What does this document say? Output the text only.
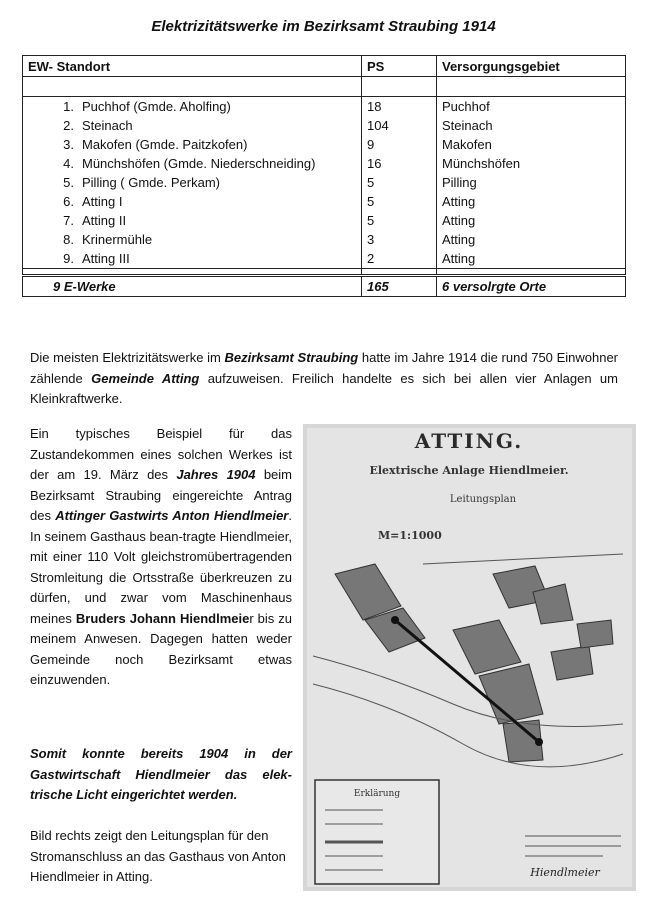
Elektrizitätswerke im Bezirksamt Straubing 1914
EW- Standort	PS	Versorgungsgebiet

1. Puchhof (Gmde. Aholfing)	18	Puchhof
2. Steinach	104	Steinach
3. Makofen (Gmde. Paitzkofen)	9	Makofen
4. Münchshöfen (Gmde. Niederschneiding)	16	Münchshöfen
5. Pilling ( Gmde. Perkam)	5	Pilling
6. Atting I	5	Atting
7. Atting II	5	Atting
8. Krinermühle	3	Atting
9. Atting III	2	Atting

9 E-Werke	165	6 versolrgte Orte
Die meisten Elektrizitätswerke im Bezirksamt Straubing hatte im Jahre 1914 die rund 750 Einwohner zählende Gemeinde Atting aufzuweisen. Freilich handelte es sich bei allen vier Anlagen um Kleinkraftwerke.
Ein typisches Beispiel für das Zustandekommen eines solchen Werkes ist der am 19. März des Jahres 1904 beim Bezirksamt Straubing eingereichte Antrag des Attinger Gastwirts Anton Hiendlmeier. In seinem Gasthaus bean-tragte Hiendlmeier, mit einer 110 Volt gleichstromübertragenden Stromleitung die Ortsstraße überkreuzen zu dürfen, und zwar vom Maschinenhaus meines Bruders Johann Hiendlmeier bis zu meinem Anwesen. Dagegen hatten weder Gemeinde noch Bezirksamt etwas einzuwenden.
Somit konnte bereits 1904 in der Gastwirtschaft Hiendlmeier das elek-trische Licht eingerichtet werden.
Bild rechts zeigt den Leitungsplan für den Stromanschluss an das Gasthaus von Anton Hiendlmeier in Atting.
ATTING.
Elextrische Anlage Hiendlmeier.
Leitungsplan
M=1:1000
Erklärung
Hiendlmeier
